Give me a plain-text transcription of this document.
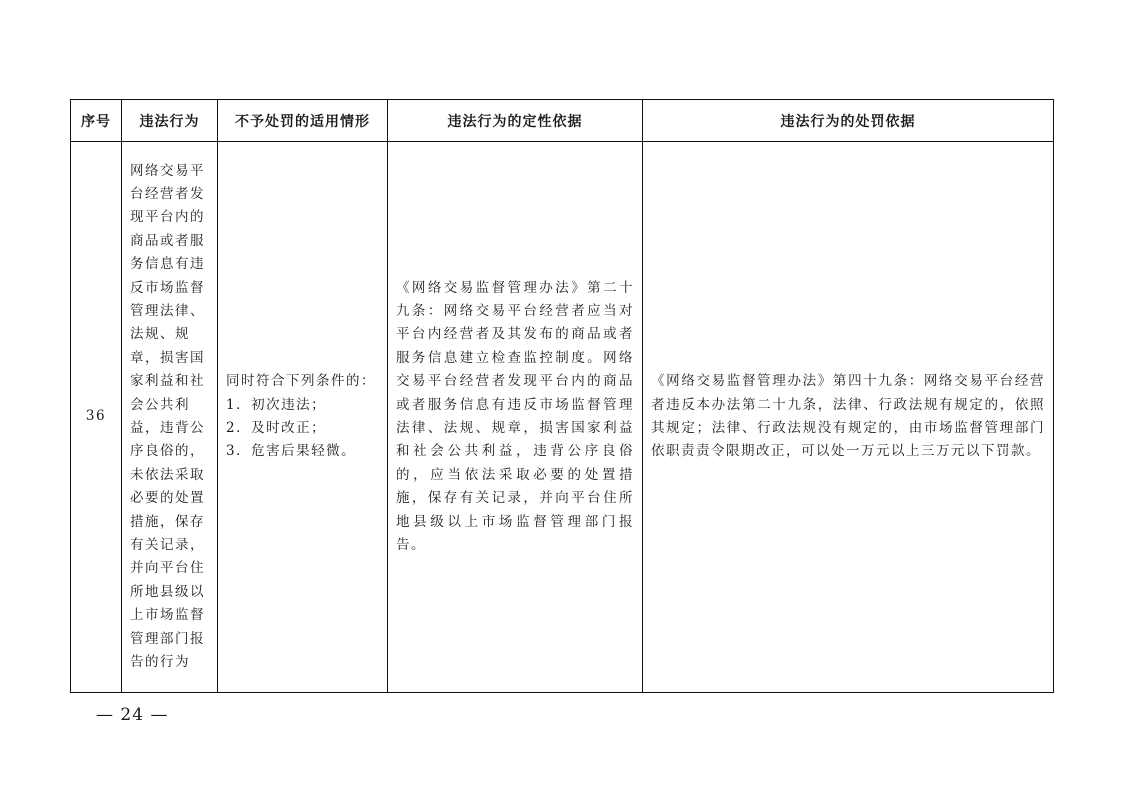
序号	违法行为	不予处罚的适用情形	违法行为的定性依据	违法行为的处罚依据
36	网络交易平台经营者发现平台内的商品或者服务信息有违反市场监督管理法律、法规、规章，损害国家利益和社会公共利益，违背公序良俗的，未依法采取必要的处置措施，保存有关记录，并向平台住所地县级以上市场监督管理部门报告的行为	同时符合下列条件的：
1．初次违法；
2．及时改正；
3．危害后果轻微。	《网络交易监督管理办法》第二十九条：网络交易平台经营者应当对平台内经营者及其发布的商品或者服务信息建立检查监控制度。网络交易平台经营者发现平台内的商品或者服务信息有违反市场监督管理法律、法规、规章，损害国家利益和社会公共利益，违背公序良俗的，应当依法采取必要的处置措施，保存有关记录，并向平台住所地县级以上市场监督管理部门报告。	《网络交易监督管理办法》第四十九条：网络交易平台经营者违反本办法第二十九条，法律、行政法规有规定的，依照其规定；法律、行政法规没有规定的，由市场监督管理部门依职责责令限期改正，可以处一万元以上三万元以下罚款。
— 24 —
